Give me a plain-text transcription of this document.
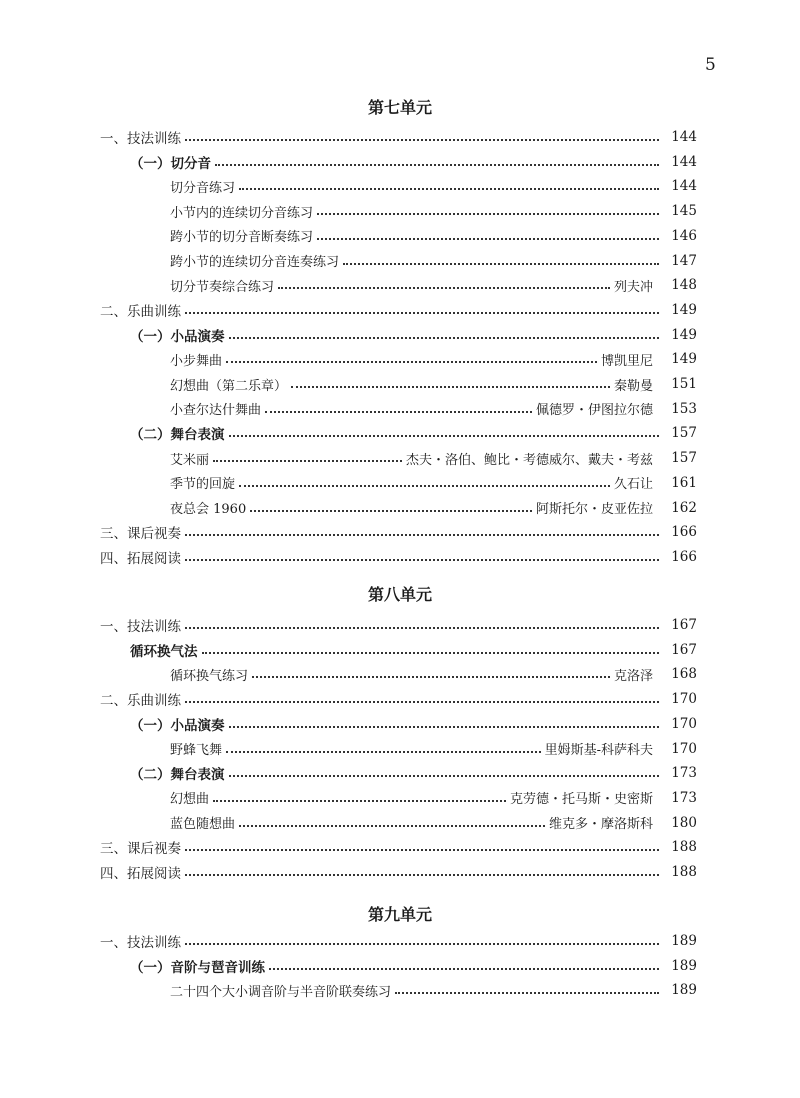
5
第七单元
一、技法训练	144
（一）切分音	144
切分音练习	144
小节内的连续切分音练习	145
跨小节的切分音断奏练习	146
跨小节的连续切分音连奏练习	147
切分节奏综合练习	列夫冲	148
二、乐曲训练	149
（一）小品演奏	149
小步舞曲	博凯里尼	149
幻想曲（第二乐章）	秦勒曼	151
小查尔达什舞曲	佩德罗・伊图拉尔德	153
（二）舞台表演	157
艾米丽	杰夫・洛伯、鲍比・考德威尔、戴夫・考兹	157
季节的回旋	久石让	161
夜总会 1960	阿斯托尔・皮亚佐拉	162
三、课后视奏	166
四、拓展阅读	166
第八单元
一、技法训练	167
循环换气法	167
循环换气练习	克洛泽	168
二、乐曲训练	170
（一）小品演奏	170
野蜂飞舞	里姆斯基-科萨科夫	170
（二）舞台表演	173
幻想曲	克劳德・托马斯・史密斯	173
蓝色随想曲	维克多・摩洛斯科	180
三、课后视奏	188
四、拓展阅读	188
第九单元
一、技法训练	189
（一）音阶与琶音训练	189
二十四个大小调音阶与半音阶联奏练习	189
